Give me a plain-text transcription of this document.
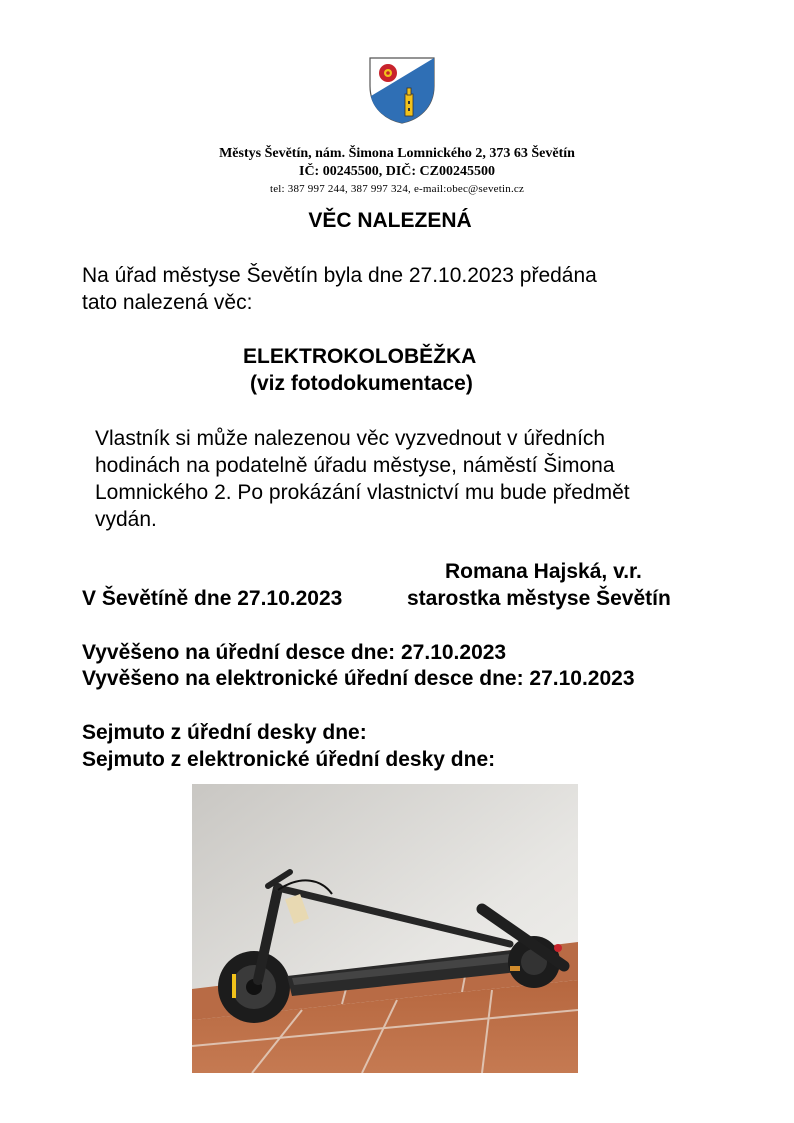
Městys Ševětín, nám. Šimona Lomnického 2, 373 63 Ševětín
IČ: 00245500, DIČ: CZ00245500
tel: 387 997 244, 387 997 324, e-mail:obec@sevetin.cz
VĚC NALEZENÁ
Na úřad městyse Ševětín byla dne 27.10.2023 předána
tato nalezená věc:
ELEKTROKOLOBĚŽKA
(viz fotodokumentace)
Vlastník si může nalezenou věc vyzvednout v úředních
hodinách na podatelně úřadu městyse, náměstí Šimona
Lomnického 2. Po prokázání vlastnictví mu bude předmět
vydán.
Romana Hajská, v.r.
V Ševětíně dne 27.10.2023	starostka městyse Ševětín
Vyvěšeno na úřední desce dne: 27.10.2023
Vyvěšeno na elektronické úřední desce dne: 27.10.2023
Sejmuto z úřední desky dne:
Sejmuto z elektronické úřední desky dne:
